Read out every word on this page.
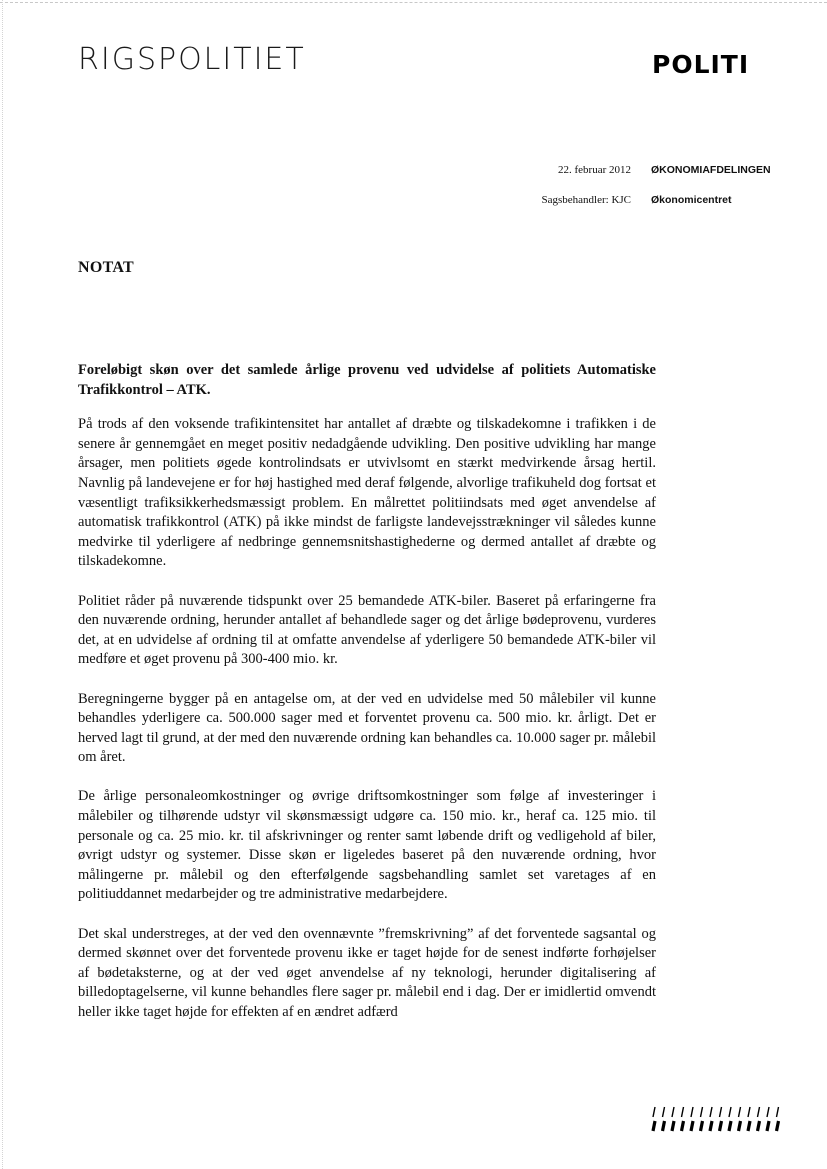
RIGSPOLITIET	POLITI
22. februar 2012 ØKONOMIAFDELINGEN
Sagsbehandler: KJC Økonomicentret
NOTAT
Foreløbigt skøn over det samlede årlige provenu ved udvidelse af politiets Automatiske Trafikkontrol – ATK.

På trods af den voksende trafikintensitet har antallet af dræbte og tilskadekomne i trafikken i de senere år gennemgået en meget positiv nedadgående udvikling. Den positive udvikling har mange årsager, men politiets øgede kontrolindsats er utvivlsomt en stærkt medvirkende årsag hertil. Navnlig på landevejene er for høj hastighed med deraf følgende, alvorlige trafikuheld dog fortsat et væsentligt trafiksikkerhedsmæssigt problem. En målrettet politiindsats med øget anvendelse af automatisk trafikkontrol (ATK) på ikke mindst de farligste landevejsstrækninger vil således kunne medvirke til yderligere af nedbringe gennemsnitshastighederne og dermed antallet af dræbte og tilskadekomne.

Politiet råder på nuværende tidspunkt over 25 bemandede ATK-biler. Baseret på erfaringerne fra den nuværende ordning, herunder antallet af behandlede sager og det årlige bødeprovenu, vurderes det, at en udvidelse af ordning til at omfatte anvendelse af yderligere 50 bemandede ATK-biler vil medføre et øget provenu på 300-400 mio. kr.

Beregningerne bygger på en antagelse om, at der ved en udvidelse med 50 målebiler vil kunne behandles yderligere ca. 500.000 sager med et forventet provenu ca. 500 mio. kr. årligt. Det er herved lagt til grund, at der med den nuværende ordning kan behandles ca. 10.000 sager pr. målebil om året.

De årlige personaleomkostninger og øvrige driftsomkostninger som følge af investeringer i målebiler og tilhørende udstyr vil skønsmæssigt udgøre ca. 150 mio. kr., heraf ca. 125 mio. til personale og ca. 25 mio. kr. til afskrivninger og renter samt løbende drift og vedligehold af biler, øvrigt udstyr og systemer. Disse skøn er ligeledes baseret på den nuværende ordning, hvor målingerne pr. målebil og den efterfølgende sagsbehandling samlet set varetages af en politiuddannet medarbejder og tre administrative medarbejdere.

Det skal understreges, at der ved den ovennævnte ”fremskrivning” af det forventede sagsantal og dermed skønnet over det forventede provenu ikke er taget højde for de senest indførte forhøjelser af bødetaksterne, og at der ved øget anvendelse af ny teknologi, herunder digitalisering af billedoptagelserne, vil kunne behandles flere sager pr. målebil end i dag. Der er imidlertid omvendt heller ikke taget højde for effekten af en ændret adfærd
